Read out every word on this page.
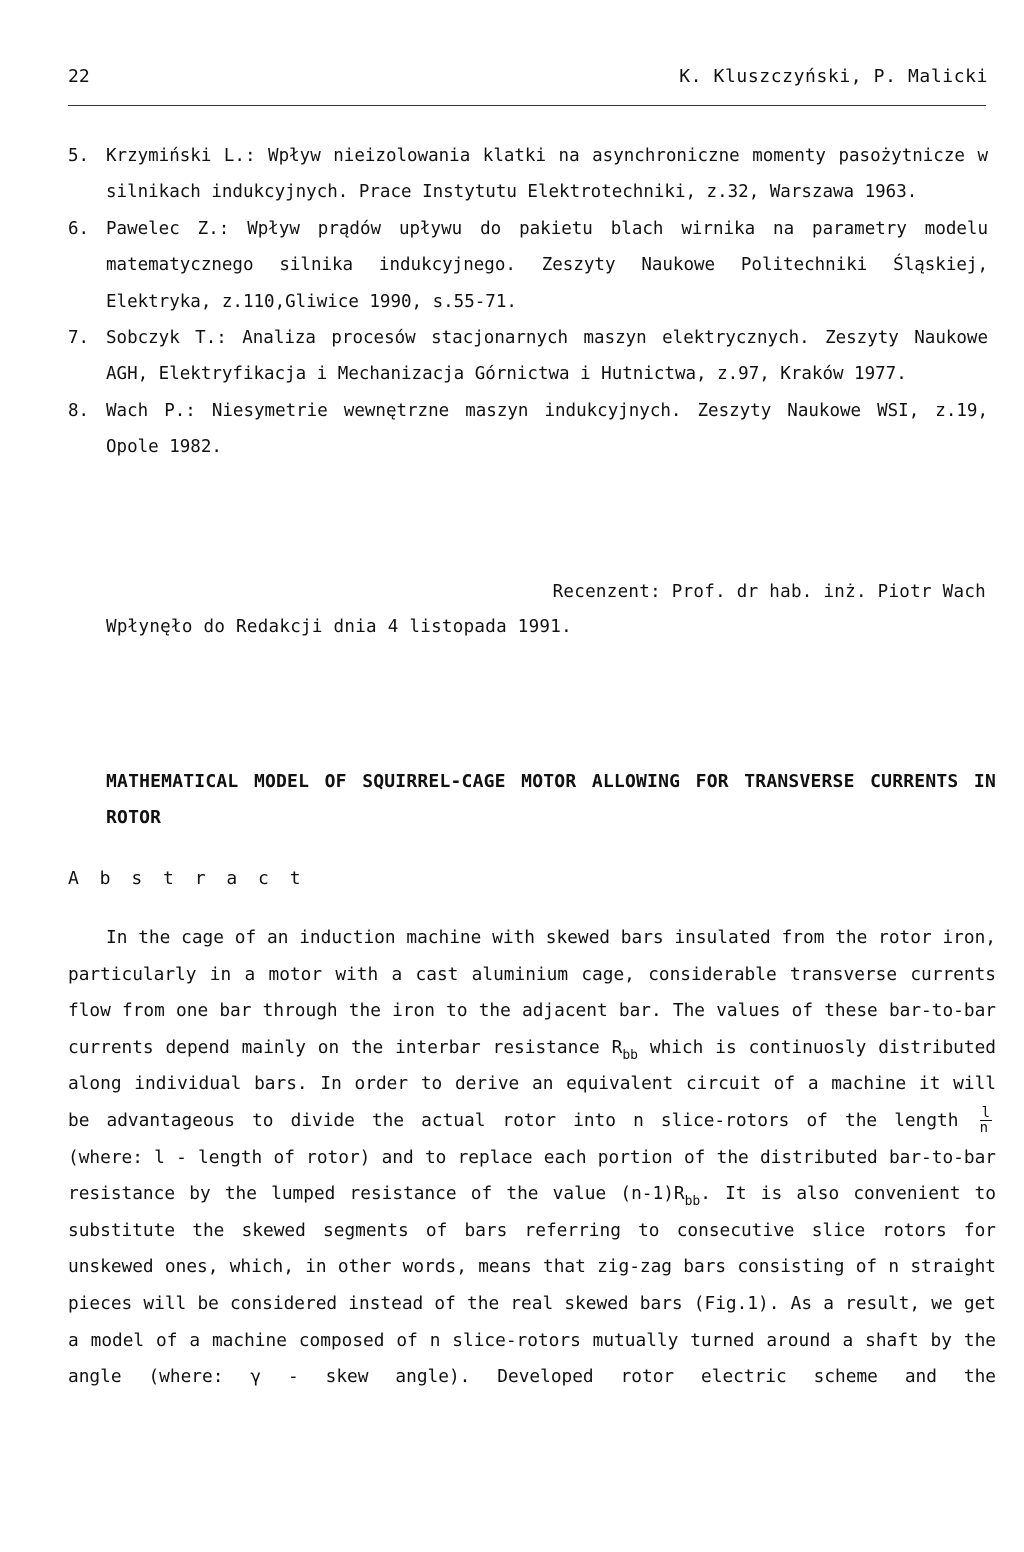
22	K. Kluszczyński, P. Malicki
5. Krzymiński L.: Wpływ nieizolowania klatki na asynchroniczne momenty pasożytnicze w silnikach indukcyjnych. Prace Instytutu Elektrotechniki, z.32, Warszawa 1963.
6. Pawelec Z.: Wpływ prądów upływu do pakietu blach wirnika na parametry modelu matematycznego silnika indukcyjnego. Zeszyty Naukowe Politechniki Śląskiej, Elektryka, z.110,Gliwice 1990, s.55-71.
7. Sobczyk T.: Analiza procesów stacjonarnych maszyn elektrycznych. Zeszyty Naukowe AGH, Elektryfikacja i Mechanizacja Górnictwa i Hutnictwa, z.97, Kraków 1977.
8. Wach P.: Niesymetrie wewnętrzne maszyn indukcyjnych. Zeszyty Naukowe WSI, z.19, Opole 1982.
Recenzent: Prof. dr hab. inż. Piotr Wach
Wpłynęło do Redakcji dnia 4 listopada 1991.
MATHEMATICAL MODEL OF SQUIRREL-CAGE MOTOR ALLOWING FOR TRANSVERSE CURRENTS IN ROTOR
A b s t r a c t
In the cage of an induction machine with skewed bars insulated from the rotor iron, particularly in a motor with a cast aluminium cage, considerable transverse currents flow from one bar through the iron to the adjacent bar. The values of these bar-to-bar currents depend mainly on the interbar resistance $R_{bb}$ which is continuosly distributed along individual bars. In order to derive an equivalent circuit of a machine it will be advantageous to divide the actual rotor into n slice-rotors of the length $\frac{l}{n}$
(where: l - length of rotor) and to replace each portion of the distributed bar-to-bar resistance by the lumped resistance of the value $(n-1)R_{bb}$. It is also convenient to substitute the skewed segments of bars referring to consecutive slice rotors for unskewed ones, which, in other words, means that zig-zag bars consisting of n straight pieces will be considered instead of the real skewed bars (Fig.1). As a result, we get a model of a machine composed of n slice-rotors mutually turned around a shaft by the angle (where: γ - skew angle). Developed rotor electric scheme and the
